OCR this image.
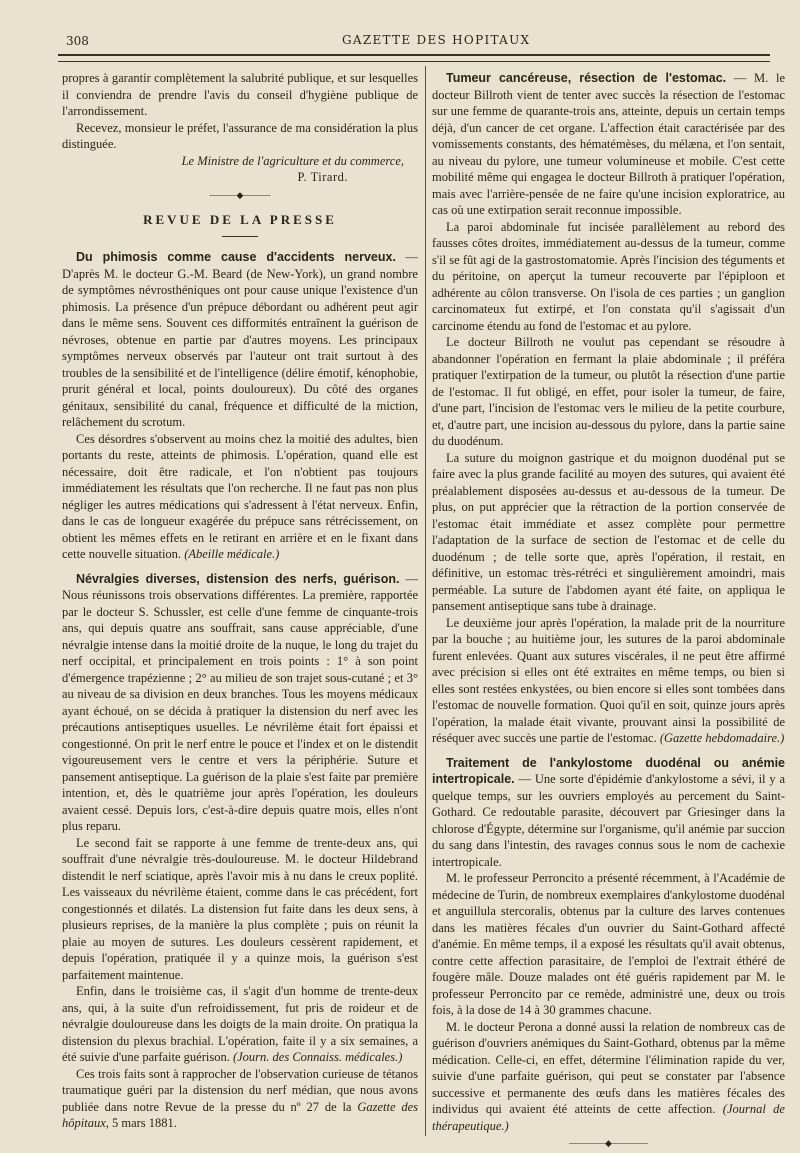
308	GAZETTE DES HOPITAUX

propres à garantir complètement la salubrité publique, et sur lesquelles il conviendra de prendre l'avis du conseil d'hygiène publique de l'arrondissement.

Recevez, monsieur le préfet, l'assurance de ma considération la plus distinguée.

Le Ministre de l'agriculture et du commerce,

P. Tirard.

———◆———
REVUE DE LA PRESSE

Du phimosis comme cause d'accidents nerveux. — D'après M. le docteur G.-M. Beard (de New-York), un grand nombre de symptômes névrosthéniques ont pour cause unique l'existence d'un phimosis. La présence d'un prépuce débordant ou adhérent peut agir dans le même sens. Souvent ces difformités entraînent la guérison de névroses, obtenue en partie par d'autres moyens. Les principaux symptômes nerveux observés par l'auteur ont trait surtout à des troubles de la sensibilité et de l'intelligence (délire émotif, kénophobie, prurit général et local, points douloureux). Du côté des organes génitaux, sensibilité du canal, fréquence et difficulté de la miction, relâchement du scrotum.

Ces désordres s'observent au moins chez la moitié des adultes, bien portants du reste, atteints de phimosis. L'opération, quand elle est nécessaire, doit être radicale, et l'on n'obtient pas toujours immédiatement les résultats que l'on recherche. Il ne faut pas non plus négliger les autres médications qui s'adressent à l'état nerveux. Enfin, dans le cas de longueur exagérée du prépuce sans rétrécissement, on obtient les mêmes effets en le retirant en arrière et en le fixant dans cette nouvelle situation. (Abeille médicale.)

Névralgies diverses, distension des nerfs, guérison. — Nous réunissons trois observations différentes. La première, rapportée par le docteur S. Schussler, est celle d'une femme de cinquante-trois ans, qui depuis quatre ans souffrait, sans cause appréciable, d'une névralgie intense dans la moitié droite de la nuque, le long du trajet du nerf occipital, et principalement en trois points : 1° à son point d'émergence trapézienne ; 2° au milieu de son trajet sous-cutané ; et 3° au niveau de sa division en deux branches. Tous les moyens médicaux ayant échoué, on se décida à pratiquer la distension du nerf avec les précautions antiseptiques usuelles. Le névrilème était fort épaissi et congestionné. On prit le nerf entre le pouce et l'index et on le distendit vigoureusement vers le centre et vers la périphérie. Suture et pansement antiseptique. La guérison de la plaie s'est faite par première intention, et, dès le quatrième jour après l'opération, les douleurs avaient cessé. Depuis lors, c'est-à-dire depuis quatre mois, elles n'ont plus reparu.

Le second fait se rapporte à une femme de trente-deux ans, qui souffrait d'une névralgie très-douloureuse. M. le docteur Hildebrand distendit le nerf sciatique, après l'avoir mis à nu dans le creux poplité. Les vaisseaux du névrilème étaient, comme dans le cas précédent, fort congestionnés et dilatés. La distension fut faite dans les deux sens, à plusieurs reprises, de la manière la plus complète ; puis on réunit la plaie au moyen de sutures. Les douleurs cessèrent rapidement, et depuis l'opération, pratiquée il y a quinze mois, la guérison s'est parfaitement maintenue.

Enfin, dans le troisième cas, il s'agit d'un homme de trente-deux ans, qui, à la suite d'un refroidissement, fut pris de roideur et de névralgie douloureuse dans les doigts de la main droite. On pratiqua la distension du plexus brachial. L'opération, faite il y a six semaines, a été suivie d'une parfaite guérison. (Journ. des Connaiss. médicales.)

Ces trois faits sont à rapprocher de l'observation curieuse de tétanos traumatique guéri par la distension du nerf médian, que nous avons publiée dans notre Revue de la presse du nº 27 de la Gazette des hôpitaux, 5 mars 1881.

Tumeur cancéreuse, résection de l'estomac. — M. le docteur Billroth vient de tenter avec succès la résection de l'estomac sur une femme de quarante-trois ans, atteinte, depuis un certain temps déjà, d'un cancer de cet organe. L'affection était caractérisée par des vomissements constants, des hématémèses, du mélæna, et l'on sentait, au niveau du pylore, une tumeur volumineuse et mobile. C'est cette mobilité même qui engagea le docteur Billroth à pratiquer l'opération, mais avec l'arrière-pensée de ne faire qu'une incision exploratrice, au cas où une extirpation serait reconnue impossible.

La paroi abdominale fut incisée parallèlement au rebord des fausses côtes droites, immédiatement au-dessus de la tumeur, comme s'il se fût agi de la gastrostomatomie. Après l'incision des téguments et du péritoine, on aperçut la tumeur recouverte par l'épiploon et adhérente au côlon transverse. On l'isola de ces parties ; un ganglion carcinomateux fut extirpé, et l'on constata qu'il s'agissait d'un carcinome étendu au fond de l'estomac et au pylore.

Le docteur Billroth ne voulut pas cependant se résoudre à abandonner l'opération en fermant la plaie abdominale ; il préféra pratiquer l'extirpation de la tumeur, ou plutôt la résection d'une partie de l'estomac. Il fut obligé, en effet, pour isoler la tumeur, de faire, d'une part, l'incision de l'estomac vers le milieu de la petite courbure, et, d'autre part, une incision au-dessous du pylore, dans la partie saine du duodénum.

La suture du moignon gastrique et du moignon duodénal put se faire avec la plus grande facilité au moyen des sutures, qui avaient été préalablement disposées au-dessus et au-dessous de la tumeur. De plus, on put apprécier que la rétraction de la portion conservée de l'estomac était immédiate et assez complète pour permettre l'adaptation de la surface de section de l'estomac et de celle du duodénum ; de telle sorte que, après l'opération, il restait, en définitive, un estomac très-rétréci et singulièrement amoindri, mais perméable. La suture de l'abdomen ayant été faite, on appliqua le pansement antiseptique sans tube à drainage.

Le deuxième jour après l'opération, la malade prit de la nourriture par la bouche ; au huitième jour, les sutures de la paroi abdominale furent enlevées. Quant aux sutures viscérales, il ne peut être affirmé avec précision si elles ont été extraites en même temps, ou bien si elles sont restées enkystées, ou bien encore si elles sont tombées dans l'estomac de nouvelle formation. Quoi qu'il en soit, quinze jours après l'opération, la malade était vivante, prouvant ainsi la possibilité de réséquer avec succès une partie de l'estomac. (Gazette hebdomadaire.)

Traitement de l'ankylostome duodénal ou anémie intertropicale. — Une sorte d'épidémie d'ankylostome a sévi, il y a quelque temps, sur les ouvriers employés au percement du Saint-Gothard. Ce redoutable parasite, découvert par Griesinger dans la chlorose d'Égypte, détermine sur l'organisme, qu'il anémie par succion du sang dans l'intestin, des ravages connus sous le nom de cachexie intertropicale.

M. le professeur Perroncito a présenté récemment, à l'Académie de médecine de Turin, de nombreux exemplaires d'ankylostome duodénal et anguillula stercoralis, obtenus par la culture des larves contenues dans les matières fécales d'un ouvrier du Saint-Gothard affecté d'anémie. En même temps, il a exposé les résultats qu'il avait obtenus, contre cette affection parasitaire, de l'emploi de l'extrait éthéré de fougère mâle. Douze malades ont été guéris rapidement par M. le professeur Perroncito par ce remède, administré une, deux ou trois fois, à la dose de 14 à 30 grammes chacune.

M. le docteur Perona a donné aussi la relation de nombreux cas de guérison d'ouvriers anémiques du Saint-Gothard, obtenus par la même médication. Celle-ci, en effet, détermine l'élimination rapide du ver, suivie d'une parfaite guérison, qui peut se constater par l'absence successive et permanente des œufs dans les matières fécales des individus qui avaient été atteints de cette affection. (Journal de thérapeutique.)

————◆————
